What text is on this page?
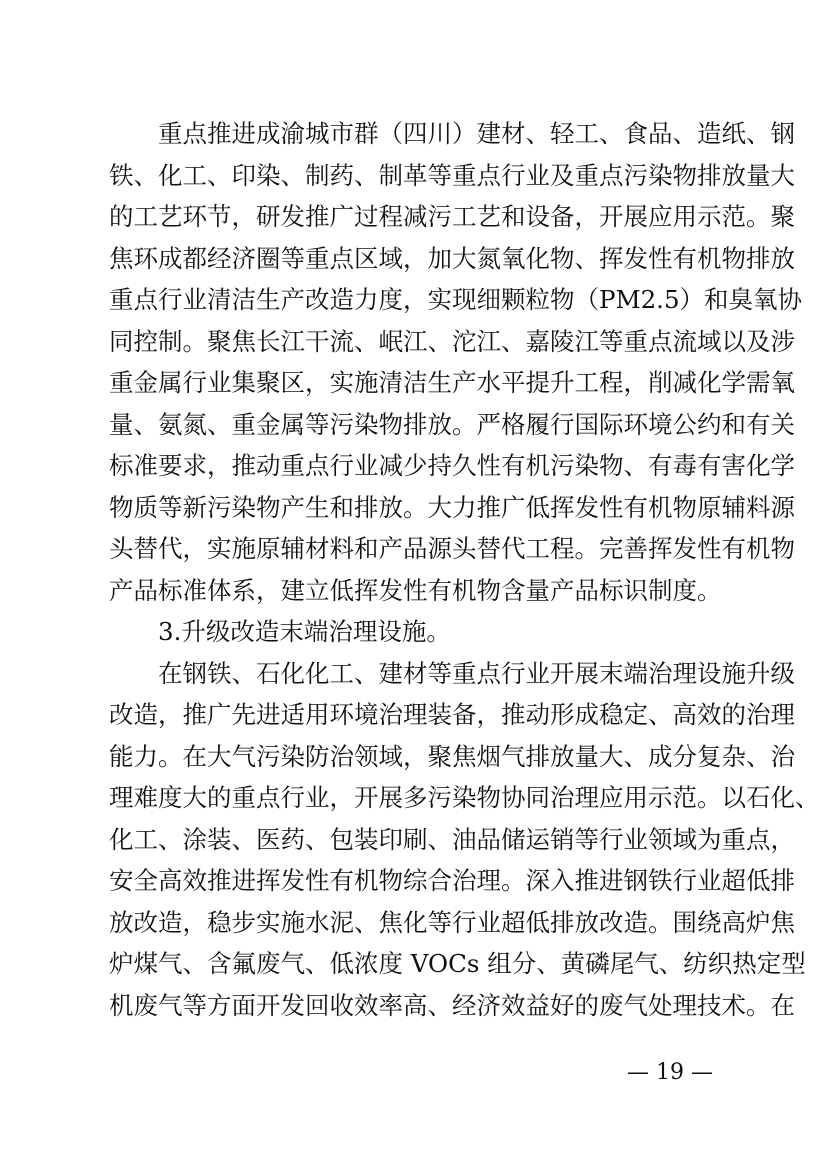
重点推进成渝城市群（四川）建材、轻工、食品、造纸、钢
铁、化工、印染、制药、制革等重点行业及重点污染物排放量大
的工艺环节，研发推广过程减污工艺和设备，开展应用示范。聚
焦环成都经济圈等重点区域，加大氮氧化物、挥发性有机物排放
重点行业清洁生产改造力度，实现细颗粒物（PM2.5）和臭氧协
同控制。聚焦长江干流、岷江、沱江、嘉陵江等重点流域以及涉
重金属行业集聚区，实施清洁生产水平提升工程，削减化学需氧
量、氨氮、重金属等污染物排放。严格履行国际环境公约和有关
标准要求，推动重点行业减少持久性有机污染物、有毒有害化学
物质等新污染物产生和排放。大力推广低挥发性有机物原辅料源
头替代，实施原辅材料和产品源头替代工程。完善挥发性有机物
产品标准体系，建立低挥发性有机物含量产品标识制度。
3.升级改造末端治理设施。
在钢铁、石化化工、建材等重点行业开展末端治理设施升级
改造，推广先进适用环境治理装备，推动形成稳定、高效的治理
能力。在大气污染防治领域，聚焦烟气排放量大、成分复杂、治
理难度大的重点行业，开展多污染物协同治理应用示范。以石化、
化工、涂装、医药、包装印刷、油品储运销等行业领域为重点，
安全高效推进挥发性有机物综合治理。深入推进钢铁行业超低排
放改造，稳步实施水泥、焦化等行业超低排放改造。围绕高炉焦
炉煤气、含氟废气、低浓度 VOCs 组分、黄磷尾气、纺织热定型
机废气等方面开发回收效率高、经济效益好的废气处理技术。在
— 19 —
